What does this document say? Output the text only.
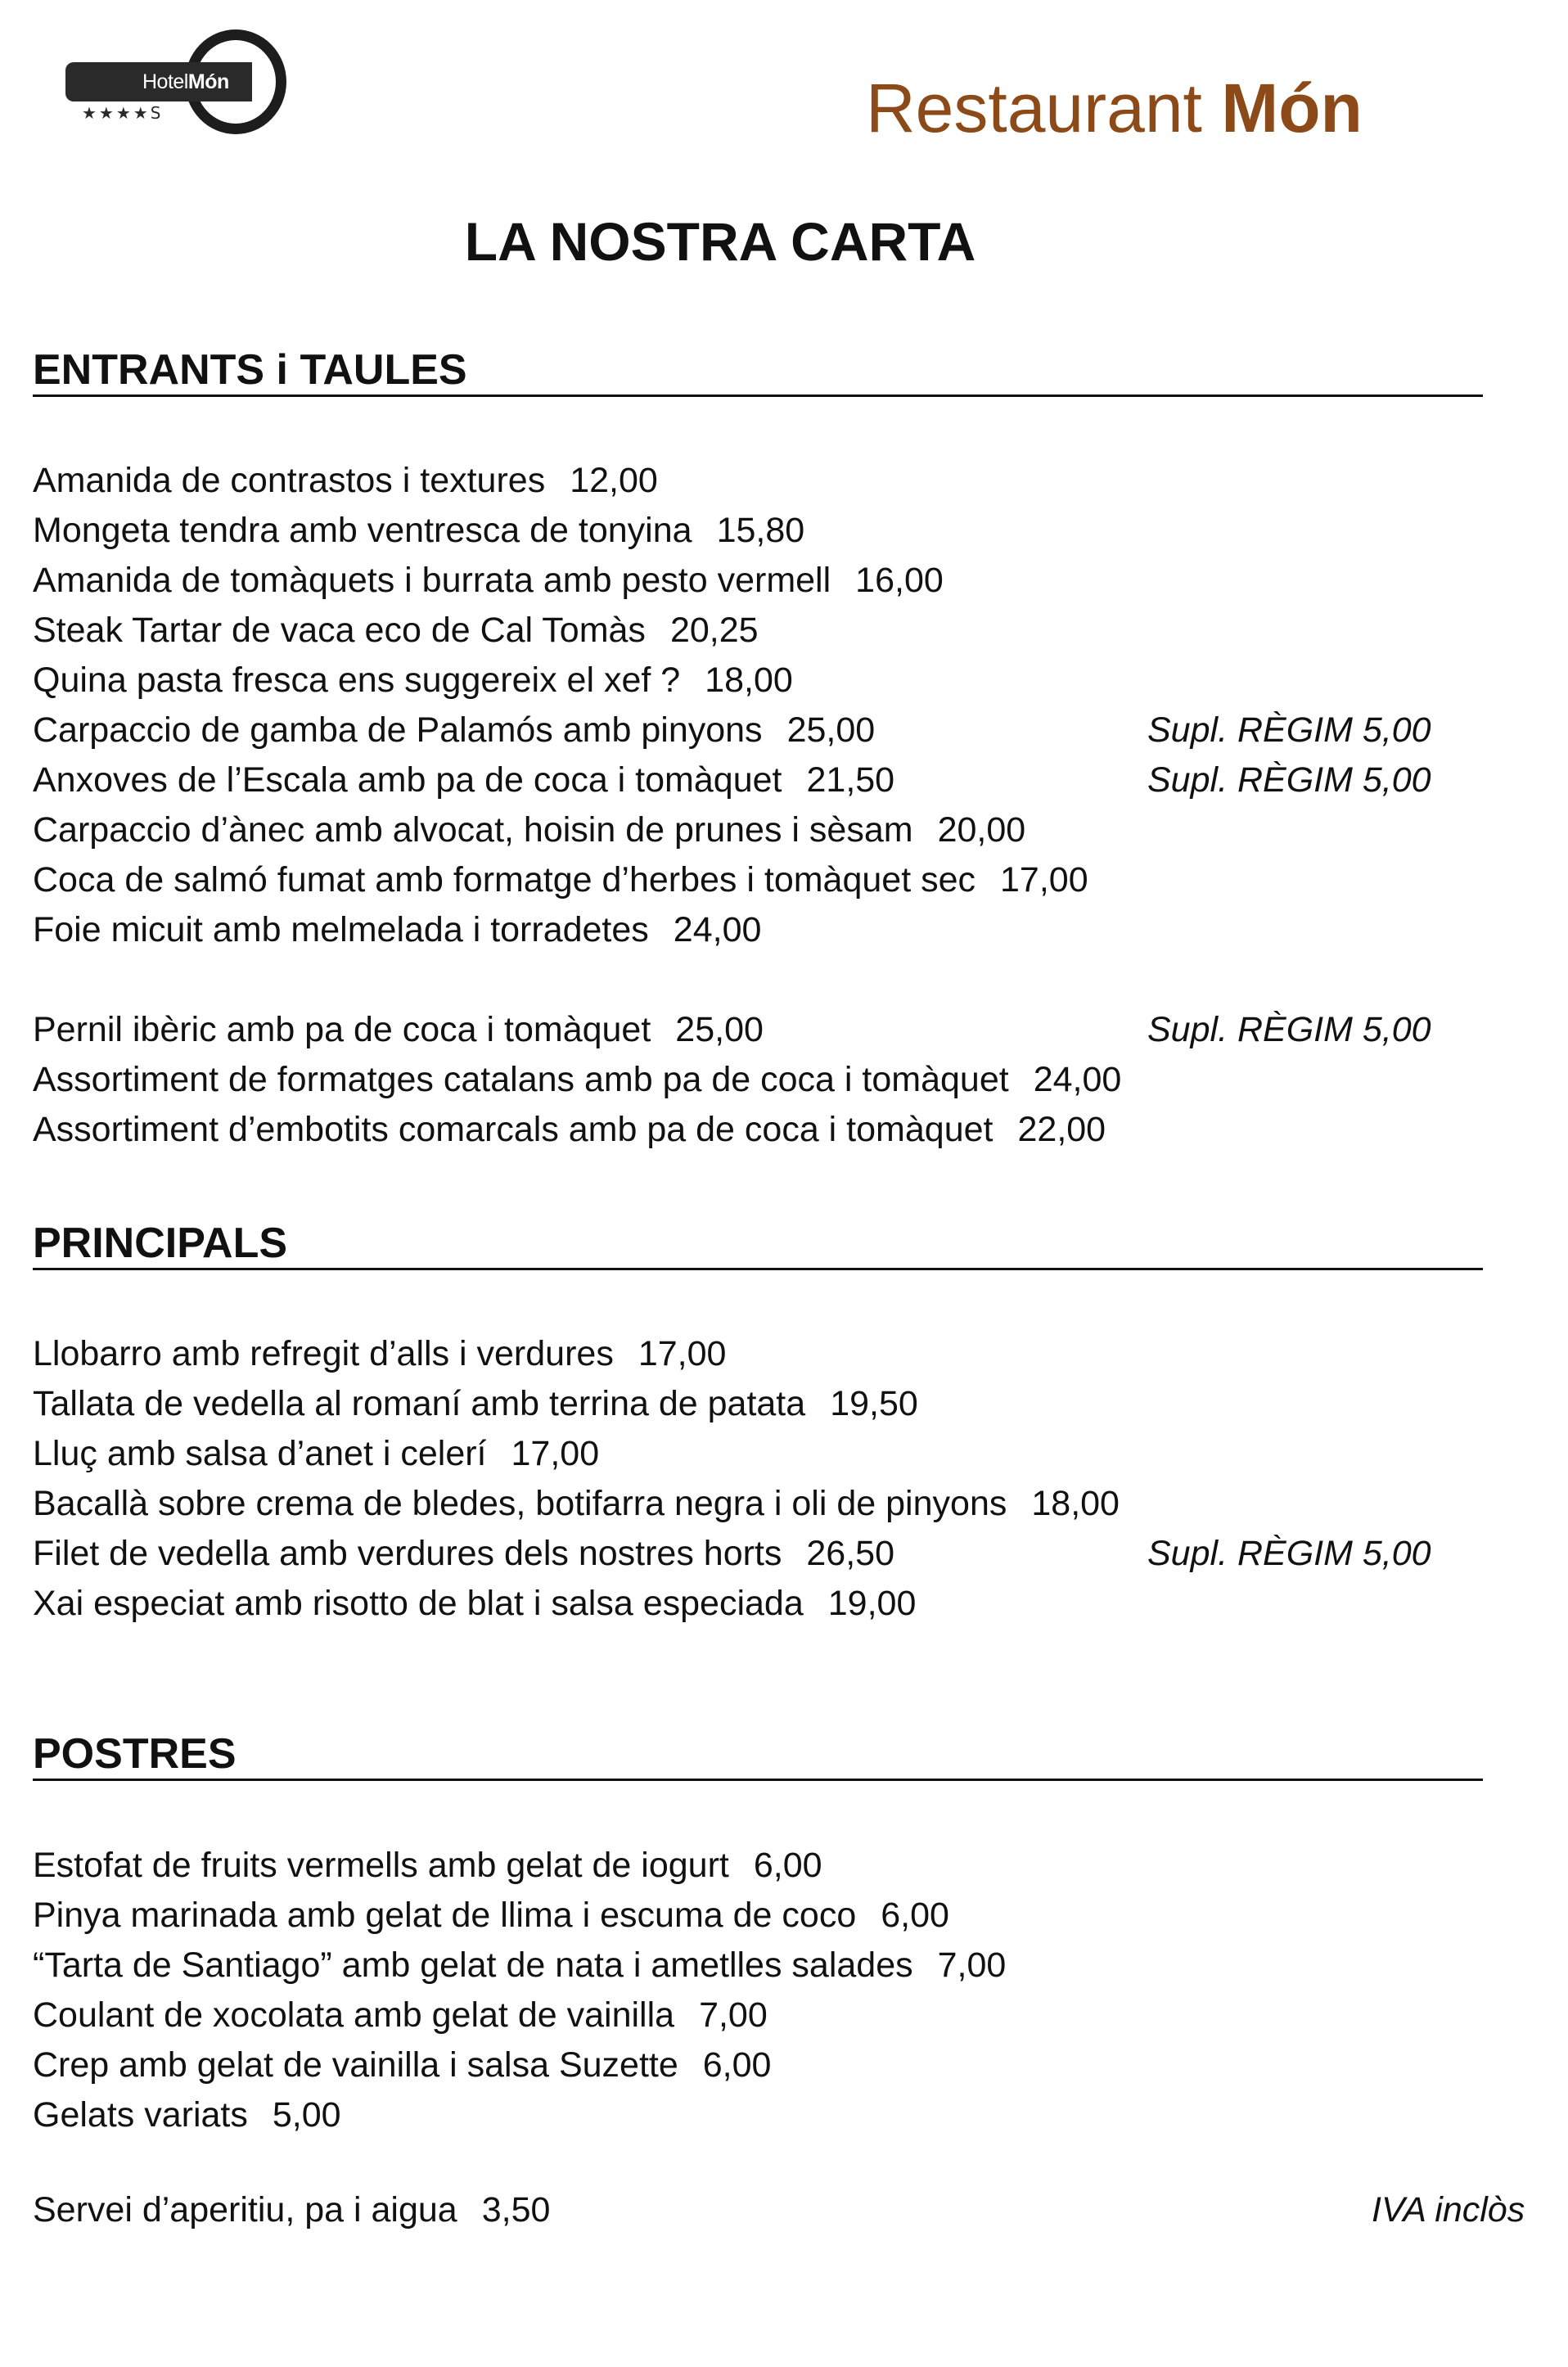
HotelMón
★★★★S	Restaurant Món
LA NOSTRA CARTA
ENTRANTS i TAULES
Amanida de contrastos i textures 12,00
Mongeta tendra amb ventresca de tonyina 15,80
Amanida de tomàquets i burrata amb pesto vermell 16,00
Steak Tartar de vaca eco de Cal Tomàs 20,25
Quina pasta fresca ens suggereix el xef ? 18,00
Carpaccio de gamba de Palamós amb pinyons 25,00	Supl. RÈGIM 5,00
Anxoves de l’Escala amb pa de coca i tomàquet 21,50	Supl. RÈGIM 5,00
Carpaccio d’ànec amb alvocat, hoisin de prunes i sèsam 20,00
Coca de salmó fumat amb formatge d’herbes i tomàquet sec 17,00
Foie micuit amb melmelada i torradetes 24,00
Pernil ibèric amb pa de coca i tomàquet 25,00	Supl. RÈGIM 5,00
Assortiment de formatges catalans amb pa de coca i tomàquet 24,00
Assortiment d’embotits comarcals amb pa de coca i tomàquet 22,00
PRINCIPALS
Llobarro amb refregit d’alls i verdures 17,00
Tallata de vedella al romaní amb terrina de patata 19,50
Lluç amb salsa d’anet i celerí 17,00
Bacallà sobre crema de bledes, botifarra negra i oli de pinyons 18,00
Filet de vedella amb verdures dels nostres horts 26,50	Supl. RÈGIM 5,00
Xai especiat amb risotto de blat i salsa especiada 19,00
POSTRES
Estofat de fruits vermells amb gelat de iogurt 6,00
Pinya marinada amb gelat de llima i escuma de coco 6,00
“Tarta de Santiago” amb gelat de nata i ametlles salades 7,00
Coulant de xocolata amb gelat de vainilla 7,00
Crep amb gelat de vainilla i salsa Suzette 6,00
Gelats variats 5,00
Servei d’aperitiu, pa i aigua 3,50	IVA inclòs
